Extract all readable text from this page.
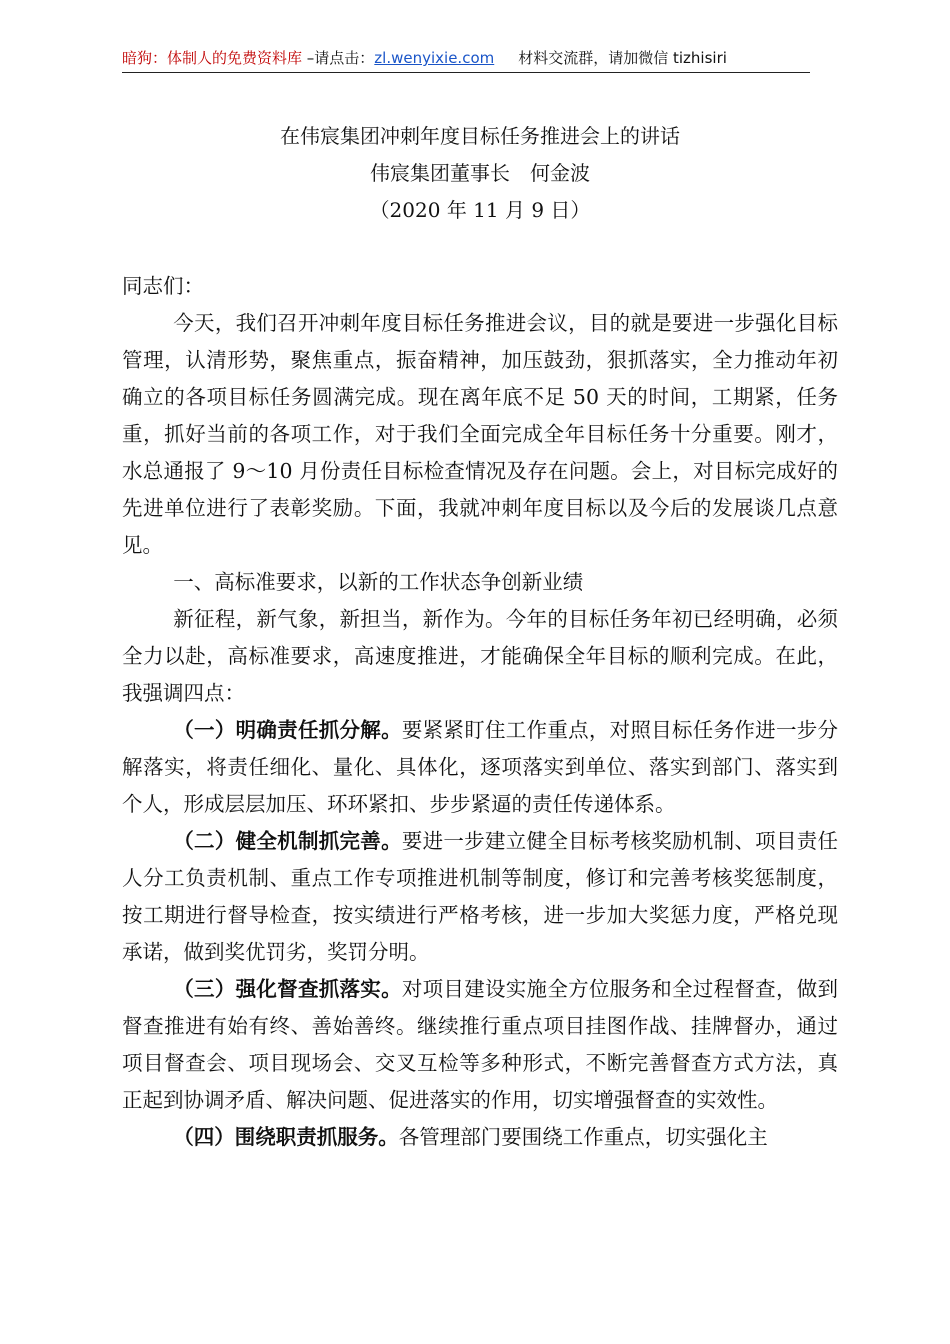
暗狗：体制人的免费资料库 –请点击：zl.wenyixie.com 材料交流群，请加微信 tizhisiri
在伟宸集团冲刺年度目标任务推进会上的讲话
伟宸集团董事长　何金波
（2020 年 11 月 9 日）

同志们：

今天，我们召开冲刺年度目标任务推进会议，目的就是要进一步强化目标管理，认清形势，聚焦重点，振奋精神，加压鼓劲，狠抓落实，全力推动年初确立的各项目标任务圆满完成。现在离年底不足 50 天的时间，工期紧，任务重，抓好当前的各项工作，对于我们全面完成全年目标任务十分重要。刚才，水总通报了 9～10 月份责任目标检查情况及存在问题。会上，对目标完成好的先进单位进行了表彰奖励。下面，我就冲刺年度目标以及今后的发展谈几点意见。

一、高标准要求，以新的工作状态争创新业绩

新征程，新气象，新担当，新作为。今年的目标任务年初已经明确，必须全力以赴，高标准要求，高速度推进，才能确保全年目标的顺利完成。在此，我强调四点：

（一）明确责任抓分解。要紧紧盯住工作重点，对照目标任务作进一步分解落实，将责任细化、量化、具体化，逐项落实到单位、落实到部门、落实到个人，形成层层加压、环环紧扣、步步紧逼的责任传递体系。

（二）健全机制抓完善。要进一步建立健全目标考核奖励机制、项目责任人分工负责机制、重点工作专项推进机制等制度，修订和完善考核奖惩制度，按工期进行督导检查，按实绩进行严格考核，进一步加大奖惩力度，严格兑现承诺，做到奖优罚劣，奖罚分明。

（三）强化督查抓落实。对项目建设实施全方位服务和全过程督查，做到督查推进有始有终、善始善终。继续推行重点项目挂图作战、挂牌督办，通过项目督查会、项目现场会、交叉互检等多种形式，不断完善督查方式方法，真正起到协调矛盾、解决问题、促进落实的作用，切实增强督查的实效性。

（四）围绕职责抓服务。各管理部门要围绕工作重点，切实强化主
